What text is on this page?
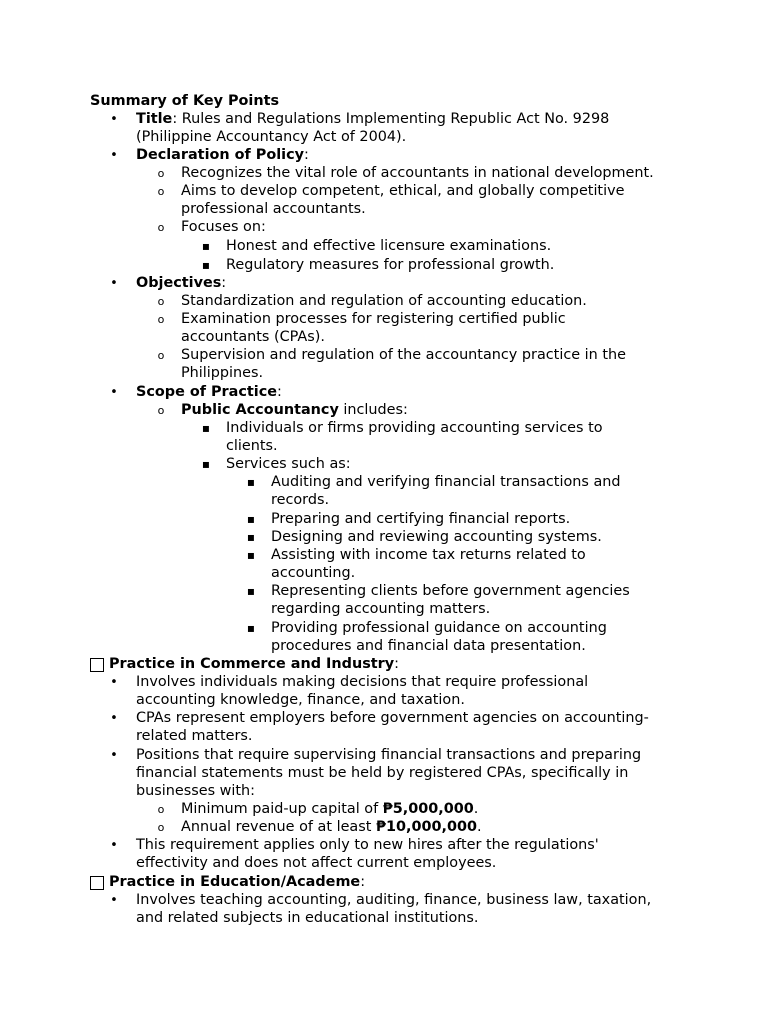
Summary of Key Points
•
Title: Rules and Regulations Implementing Republic Act No. 9298
(Philippine Accountancy Act of 2004).
•
Declaration of Policy:
o
Recognizes the vital role of accountants in national development.
o
Aims to develop competent, ethical, and globally competitive
professional accountants.
o
Focuses on:
▪
Honest and effective licensure examinations.
▪
Regulatory measures for professional growth.
•
Objectives:
o
Standardization and regulation of accounting education.
o
Examination processes for registering certified public
accountants (CPAs).
o
Supervision and regulation of the accountancy practice in the
Philippines.
•
Scope of Practice:
o
Public Accountancy includes:
▪
Individuals or firms providing accounting services to
clients.
▪
Services such as:
▪
Auditing and verifying financial transactions and
records.
▪
Preparing and certifying financial reports.
▪
Designing and reviewing accounting systems.
▪
Assisting with income tax returns related to
accounting.
▪
Representing clients before government agencies
regarding accounting matters.
▪
Providing professional guidance on accounting
procedures and financial data presentation.
Practice in Commerce and Industry:
•
Involves individuals making decisions that require professional
accounting knowledge, finance, and taxation.
•
CPAs represent employers before government agencies on accounting-
related matters.
•
Positions that require supervising financial transactions and preparing
financial statements must be held by registered CPAs, specifically in
businesses with:
o
Minimum paid-up capital of ₱5,000,000.
o
Annual revenue of at least ₱10,000,000.
•
This requirement applies only to new hires after the regulations'
effectivity and does not affect current employees.
Practice in Education/Academe:
•
Involves teaching accounting, auditing, finance, business law, taxation,
and related subjects in educational institutions.
